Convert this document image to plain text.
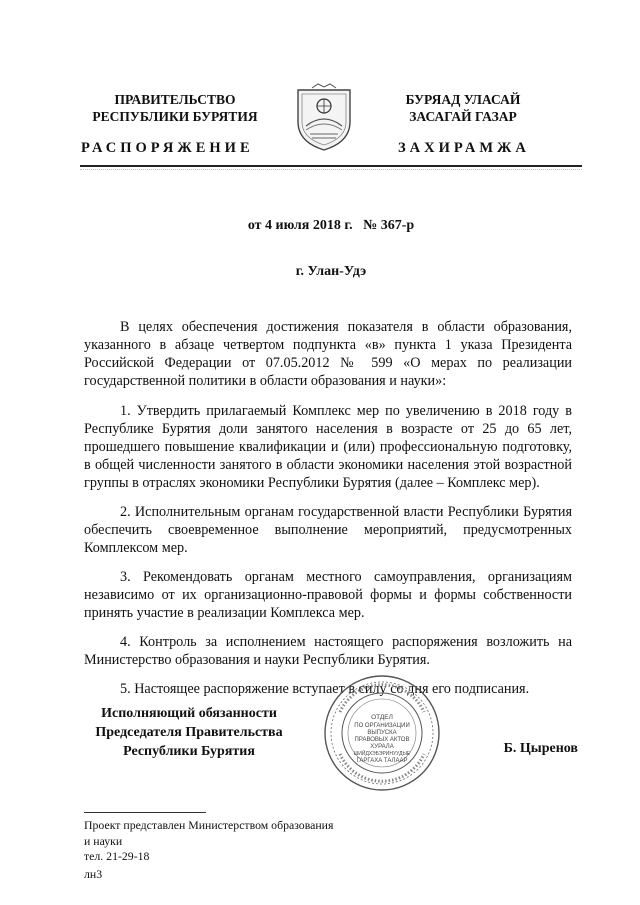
ПРАВИТЕЛЬСТВО
РЕСПУБЛИКИ БУРЯТИЯ
РАСПОРЯЖЕНИЕ
БУРЯАД УЛАСАЙ
ЗАСАГАЙ ГАЗАР
ЗАХИРАМЖА
от 4 июля 2018 г.   № 367-р
г. Улан-Удэ

В целях обеспечения достижения показателя в области образования, указанного в абзаце четвертом подпункта «в» пункта 1 указа Президента Российской Федерации от 07.05.2012 № 599 «О мерах по реализации государственной политики в области образования и науки»:

1. Утвердить прилагаемый Комплекс мер по увеличению в 2018 году в Республике Бурятия доли занятого населения в возрасте от 25 до 65 лет, прошедшего повышение квалификации и (или) профессиональную подготовку, в общей численности занятого в области экономики населения этой возрастной группы в отраслях экономики Республики Бурятия (далее – Комплекс мер).

2. Исполнительным органам государственной власти Республики Бурятия обеспечить своевременное выполнение мероприятий, предусмотренных Комплексом мер.

3. Рекомендовать органам местного самоуправления, организациям независимо от их организационно-правовой формы и формы собственности принять участие в реализации Комплекса мер.

4. Контроль за исполнением настоящего распоряжения возложить на Министерство образования и науки Республики Бурятия.

5. Настоящее распоряжение вступает в силу со дня его подписания.

Исполняющий обязанности
Председателя Правительства
Республики Бурятия
ОТДЕЛ
ПО ОРГАНИЗАЦИИ
ВЫПУСКА
ПРАВОВЫХ АКТОВ
ХУРАЛА
ШИЙДХЭБЭРИНУУДЫЕ
ГАРГАХА ТАЛААР
Б. Цыренов
Проект представлен Министерством образования
и науки
тел. 21-29-18
лн3
